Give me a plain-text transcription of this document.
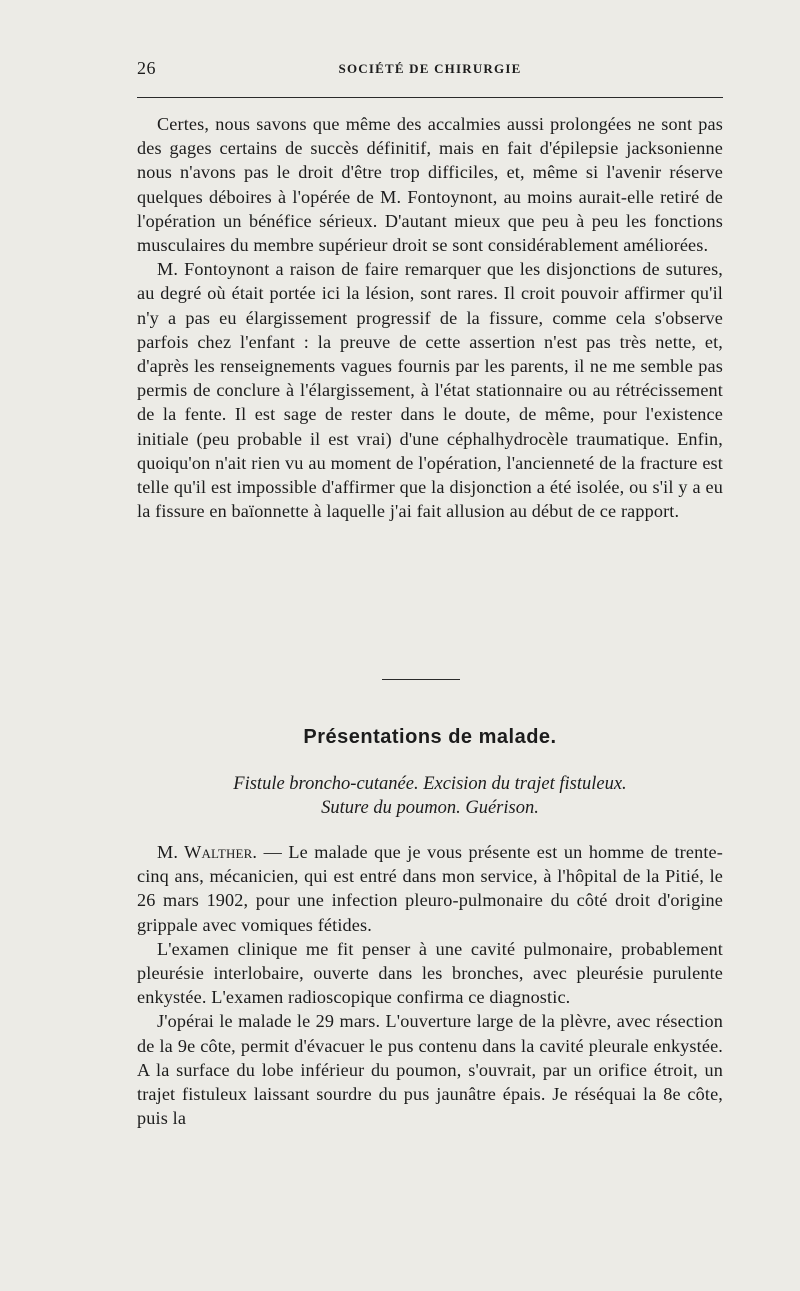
26	SOCIÉTÉ DE CHIRURGIE

Certes, nous savons que même des accalmies aussi prolongées ne sont pas des gages certains de succès définitif, mais en fait d'épilepsie jacksonienne nous n'avons pas le droit d'être trop difficiles, et, même si l'avenir réserve quelques déboires à l'opérée de M. Fontoynont, au moins aurait-elle retiré de l'opération un bénéfice sérieux. D'autant mieux que peu à peu les fonctions musculaires du membre supérieur droit se sont considérablement améliorées.

M. Fontoynont a raison de faire remarquer que les disjonctions de sutures, au degré où était portée ici la lésion, sont rares. Il croit pouvoir affirmer qu'il n'y a pas eu élargissement progressif de la fissure, comme cela s'observe parfois chez l'enfant : la preuve de cette assertion n'est pas très nette, et, d'après les renseignements vagues fournis par les parents, il ne me semble pas permis de conclure à l'élargissement, à l'état stationnaire ou au rétrécissement de la fente. Il est sage de rester dans le doute, de même, pour l'existence initiale (peu probable il est vrai) d'une céphalhydrocèle traumatique. Enfin, quoiqu'on n'ait rien vu au moment de l'opération, l'ancienneté de la fracture est telle qu'il est impossible d'affirmer que la disjonction a été isolée, ou s'il y a eu la fissure en baïonnette à laquelle j'ai fait allusion au début de ce rapport.

Présentations de malade.
Fistule broncho-cutanée. Excision du trajet fistuleux.
Suture du poumon. Guérison.

M. Walther. — Le malade que je vous présente est un homme de trente-cinq ans, mécanicien, qui est entré dans mon service, à l'hôpital de la Pitié, le 26 mars 1902, pour une infection pleuro-pulmonaire du côté droit d'origine grippale avec vomiques fétides.

L'examen clinique me fit penser à une cavité pulmonaire, probablement pleurésie interlobaire, ouverte dans les bronches, avec pleurésie purulente enkystée. L'examen radioscopique confirma ce diagnostic.

J'opérai le malade le 29 mars. L'ouverture large de la plèvre, avec résection de la 9e côte, permit d'évacuer le pus contenu dans la cavité pleurale enkystée. A la surface du lobe inférieur du poumon, s'ouvrait, par un orifice étroit, un trajet fistuleux laissant sourdre du pus jaunâtre épais. Je réséquai la 8e côte, puis la
